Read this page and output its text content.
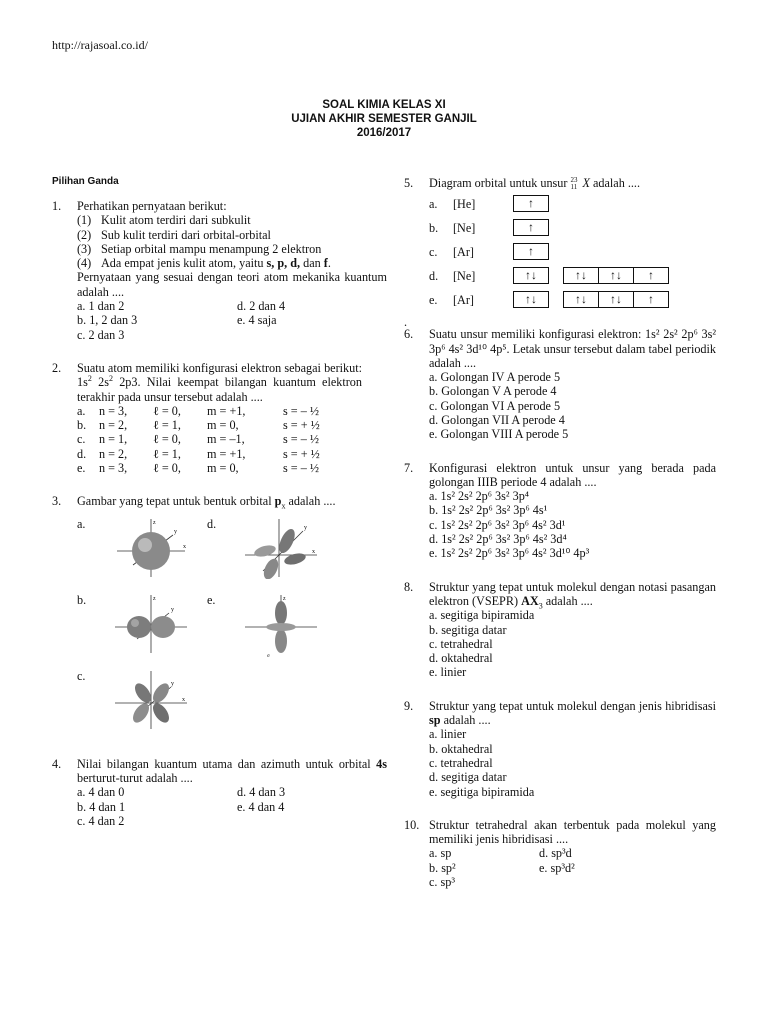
http://rajasoal.co.id/
SOAL KIMIA KELAS XI
UJIAN AKHIR SEMESTER GANJIL
2016/2017
Pilihan Ganda
1.	Perhatikan pernyataan berikut:
(1) Kulit atom terdiri dari subkulit
(2) Sub kulit terdiri dari orbital-orbital
(3) Setiap orbital mampu menampung 2 elektron
(4) Ada empat jenis kulit atom, yaitu s, p, d, dan f.
Pernyataan yang sesuai dengan teori atom mekanika kuantum adalah ....
a. 1 dan 2	d. 2 dan 4
b. 1, 2 dan 3	e. 4 saja
c. 2 dan 3
2.	Suatu atom memiliki konfigurasi elektron sebagai berikut: $1s^2$ $2s^2$ 2p3. Nilai keempat bilangan kuantum elektron terakhir pada unsur tersebut adalah ....
a.	n = 3,	ℓ = 0,	m = +1,	s = – ½
b.	n = 2,	ℓ = 1,	m = 0,	s = + ½
c.	n = 1,	ℓ = 0,	m = –1,	s = – ½
d.	n = 2,	ℓ = 1,	m = +1,	s = + ½
e.	n = 3,	ℓ = 0,	m = 0,	s = – ½
3.	Gambar yang tepat untuk bentuk orbital $p_x$ adalah ....
a.
x
y
z	d.
x
y
b.	z
y
e.	z
σ
c.
x
y
4.	Nilai bilangan kuantum utama dan azimuth untuk orbital 4s berturut-turut adalah ....
a. 4 dan 0	d. 4 dan 3
b. 4 dan 1	e. 4 dan 4
c. 4 dan 2
5.	Diagram orbital untuk unsur 23
11 X adalah ....
a.	[He]	↑
b.	[Ne]	↑
c.	[Ar]	↑
d.	[Ne]	↑↓	↑↓	↑↓	↑
e.	[Ar]	↑↓	↑↓	↑↓	↑
.
6.	Suatu unsur memiliki konfigurasi elektron: 1s² 2s² 2p⁶ 3s² 3p⁶ 4s² 3d¹⁰ 4p⁵. Letak unsur tersebut dalam tabel periodik adalah ....
a. Golongan IV A perode 5
b. Golongan V A perode 4
c. Golongan VI A perode 5
d. Golongan VII A perode 4
e. Golongan VIII A perode 5
7.	Konfigurasi elektron untuk unsur yang berada pada golongan IIIB periode 4 adalah ....
a. 1s² 2s² 2p⁶ 3s² 3p⁴
b. 1s² 2s² 2p⁶ 3s² 3p⁶ 4s¹
c. 1s² 2s² 2p⁶ 3s² 3p⁶ 4s² 3d¹
d. 1s² 2s² 2p⁶ 3s² 3p⁶ 4s² 3d⁴
e. 1s² 2s² 2p⁶ 3s² 3p⁶ 4s² 3d¹⁰ 4p³
8.	Struktur yang tepat untuk molekul dengan notasi pasangan elektron (VSEPR) $AX_3$ adalah ....
a. segitiga bipiramida
b. segitiga datar
c. tetrahedral
d. oktahedral
e. linier
9.	Struktur yang tepat untuk molekul dengan jenis hibridisasi sp adalah ....
a. linier
b. oktahedral
c. tetrahedral
d. segitiga datar
e. segitiga bipiramida
10. Struktur tetrahedral akan terbentuk pada molekul yang memiliki jenis hibridisasi ....
a. sp	d. sp³d
b. sp²	e. sp³d²
c. sp³
